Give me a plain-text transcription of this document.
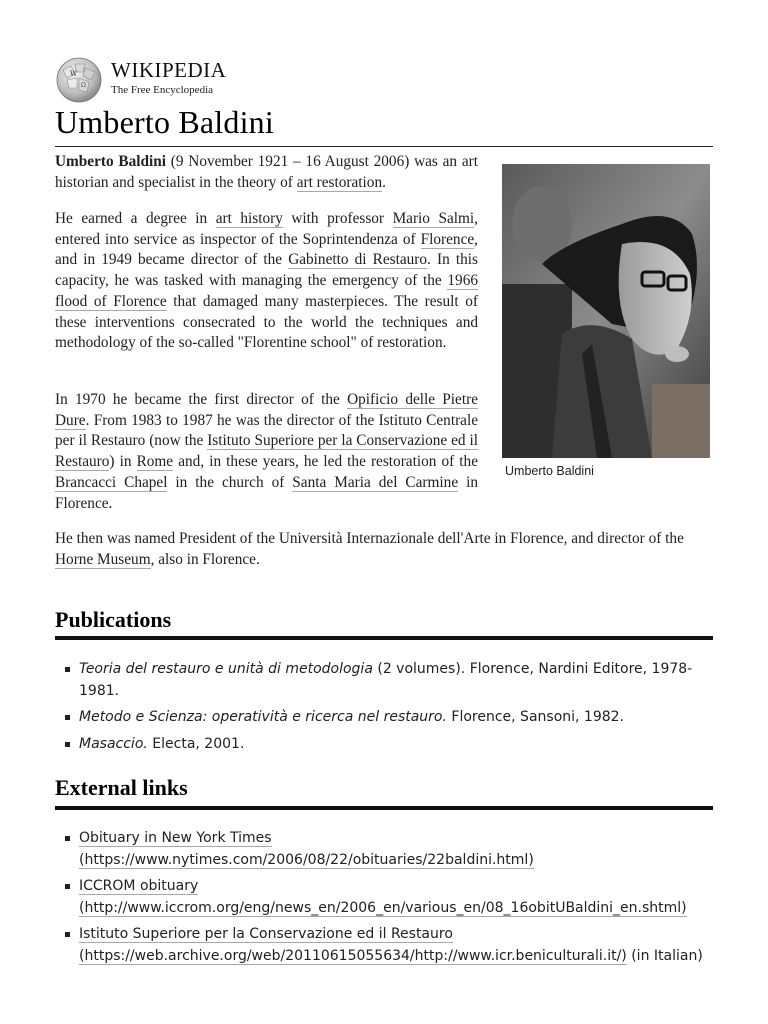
W
Ω
WIKIPEDIA
The Free Encyclopedia
Umberto Baldini
Umberto Baldini

Umberto Baldini (9 November 1921 – 16 August 2006) was an art historian and specialist in the theory of art restoration.

He earned a degree in art history with professor Mario Salmi, entered into service as inspector of the Soprintendenza of Florence, and in 1949 became director of the Gabinetto di Restauro. In this capacity, he was tasked with managing the emergency of the 1966 flood of Florence that damaged many masterpieces. The result of these interventions consecrated to the world the techniques and methodology of the so-called "Florentine school" of restoration.

In 1970 he became the first director of the Opificio delle Pietre Dure. From 1983 to 1987 he was the director of the Istituto Centrale per il Restauro (now the Istituto Superiore per la Conservazione ed il Restauro) in Rome and, in these years, he led the restoration of the Brancacci Chapel in the church of Santa Maria del Carmine in Florence.

He then was named President of the Università Internazionale dell'Arte in Florence, and director of the Horne Museum, also in Florence.

Publications
Teoria del restauro e unità di metodologia (2 volumes). Florence, Nardini Editore, 1978-1981.
Metodo e Scienza: operatività e ricerca nel restauro. Florence, Sansoni, 1982.
Masaccio. Electa, 2001.
External links
Obituary in New York Times (https://www.nytimes.com/2006/08/22/obituaries/22baldini.html)
ICCROM obituary (http://www.iccrom.org/eng/news_en/2006_en/various_en/08_16obitUBaldini_en.shtml)
Istituto Superiore per la Conservazione ed il Restauro (https://web.archive.org/web/20110615055634/http://www.icr.beniculturali.it/) (in Italian)
